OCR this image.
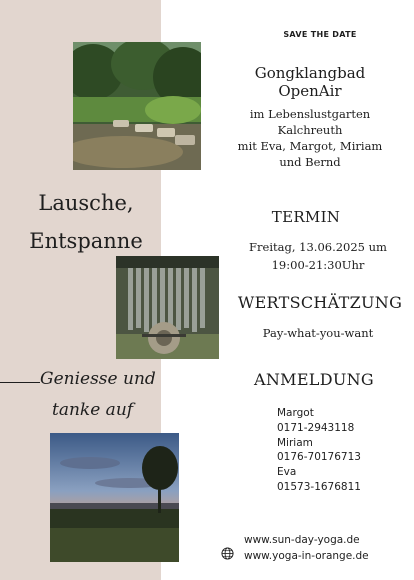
SAVE THE DATE
Gongklangbad
OpenAir
im Lebenslustgarten
Kalchreuth
mit Eva, Margot, Miriam
und Bernd
TERMIN
Freitag, 13.06.2025 um
19:00-21:30Uhr
WERTSCHÄTZUNG
Pay-what-you-want
ANMELDUNG
Margot
0171-2943118
Miriam
0176-70176713
Eva
01573-1676811
www.sun-day-yoga.de
www.yoga-in-orange.de
Lausche,
Entspanne
Geniesse und
tanke auf
